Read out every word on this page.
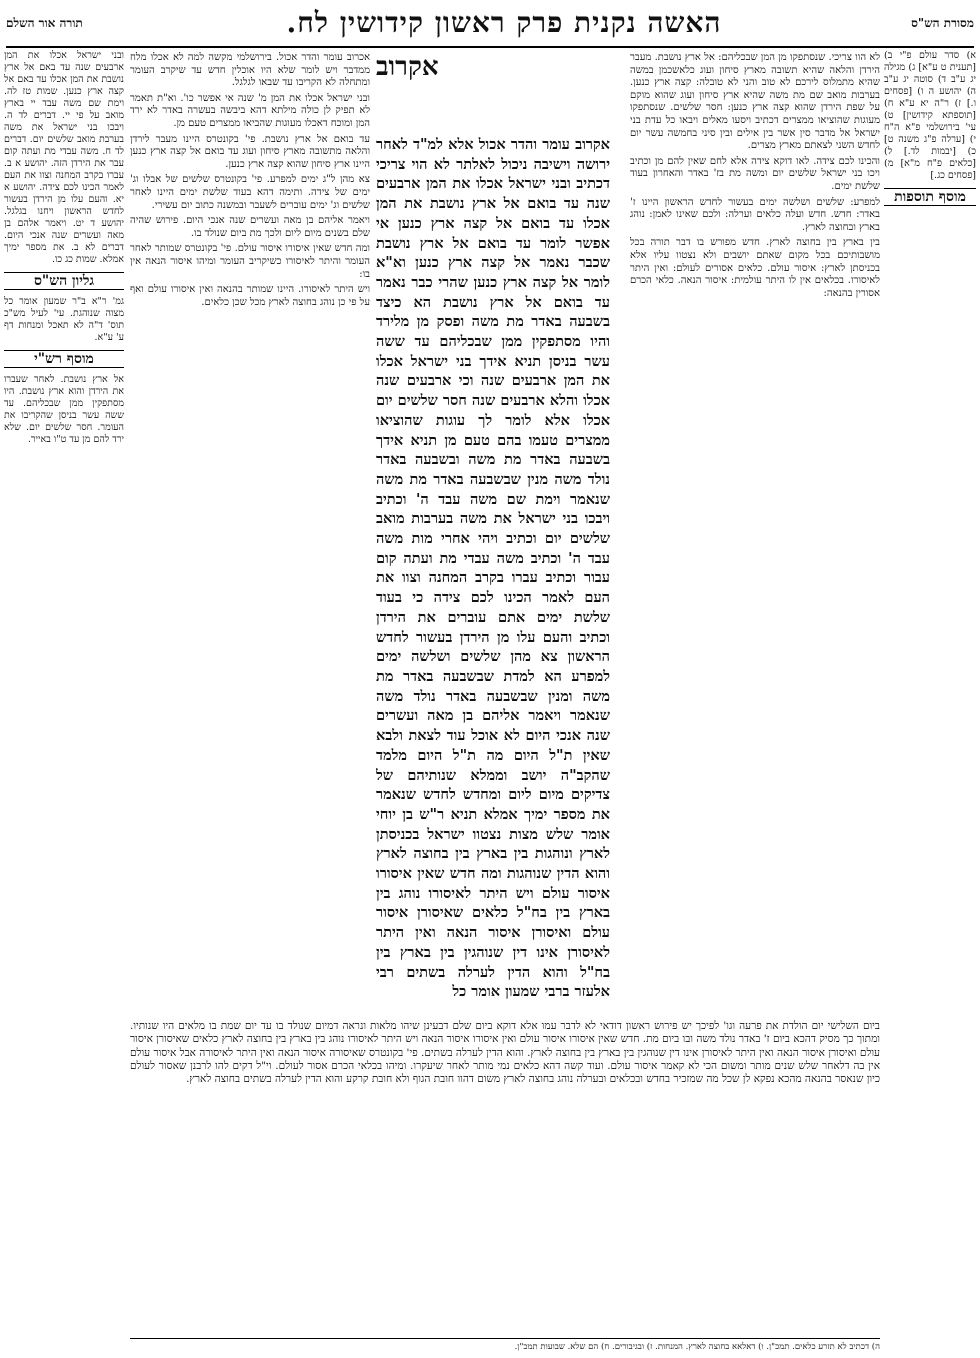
תורה אור השלם	האשה נקנית פרק ראשון קידושין לח.	מסורת הש"ס
א) סדר עולם פ"י ב) [תענית ט ע"א] ג) מגילה יג ע"ב ד) סוטה יג ע"ב ה) יהושע ה ו) [פסחים ו.] ז) ר"ה יא ע"א ח) [תוספתא קידושין] ט) עי' בירושלמי פ"א ה"ח י) [ערלה פ"ג משנה ט] כ) [יבמות לד.] ל) [כלאים פ"ח מ"א] מ) [פסחים כג.]
מוסף תוספות
ובני ישראל אכלו את המן ארבעים שנה עד באם אל ארץ נושבת את המן אכלו עד באם אל קצה ארץ כנען. שמות טז לה. וימת שם משה עבד יי בארץ מואב על פי יי. דברים לד ה. ויבכו בני ישראל את משה בערבת מואב שלשים יום. דברים לד ח. משה עבדי מת ועתה קום עבר את הירדן הזה. יהושע א ב. עברו בקרב המחנה וצוו את העם לאמר הכינו לכם צידה. יהושע א יא. והעם עלו מן הירדן בעשור לחדש הראשון ויחנו בגלגל. יהושע ד יט. ויאמר אלהם בן מאה ועשרים שנה אנכי היום. דברים לא ב. את מספר ימיך אמלא. שמות כג כו.
גליון הש"ס
גמ' ר"א ב"ר שמעון אומר כל מצוה שנוהגת. עי' לעיל מש"כ תוס' ד"ה לא תאכל ומנחות דף ע' ע"א.
מוסף רש"י
אל ארץ נושבת. לאחר שעברו את הירדן והוא ארץ נושבת. היו מסתפקין ממן שבכליהם. עד ששה עשר בניסן שהקריבו את העומר. חסר שלשים יום. שלא ירד להם מן עד ט"ו באייר.

לא הוו צריכי. שנסתפקו מן המן שבכליהם: אל ארץ נושבת. מעבר הירדן והלאה שהיא תשובה מארץ סיחון ועוג כלאשכמן במשה שהיא מתמלוס לירכם לא טוב והני לא טובלה: קצה ארץ כנען. בערבות מואב שם מת משה שהיא ארץ סיחון ועוג שהוא מוקם על שפת הירדן שהוא קצה ארץ כנען: חסר שלשים. שנסתפקו מעוגות שהוציאו ממצרים דכתיב ויסעו מאלים ויבאו כל עדת בני ישראל אל מדבר סין אשר בין אילים ובין סיני בחמשה עשר יום לחדש השני לצאתם מארץ מצרים.

והכינו לכם צידה. לאו דוקא צידה אלא לחם שאין להם מן וכתיב ויכו בני ישראל שלשים יום ומשה מת בז' באדר והאחרון בעוד שלשת ימים.

למפרע: שלשים ושלשה ימים בעשור לחדש הראשון היינו ז' באדר: חדש. חדש ועלה כלאים וערלה: ולכם שאינו לאמן: נוהג בארץ ובחוצה לארץ.

בין בארץ בין בחוצה לארץ. חדש מפורש בו דבר תורה בכל מושבותיכם בכל מקום שאתם יושבים ולא נצטוו עליו אלא בכניסתן לארץ: איסור עולם. כלאים אסורים לעולם: ואין היתר לאיסורו. בכלאים אין לו היתר עולמית: איסור הנאה. כלאי הכרם אסורין בהנאה:

אכרוב עומר והדר אכול. בירושלמי מקשה למה לא אכלו מלח ממדבר ויש לומר שלא היו אוכלין חדש עד שיקרב העומר ומתחלה לא הקריבו עד שבאו לגלגל.

ובני ישראל אכלו את המן מ' שנה אי אפשר כו'. וא"ת תאמר לא תפיק לן כולה מילתא דהא ביבשה בעשרה באדר לא ירד המן ומוכח דאכלו מעוגות שהביאו ממצרים טעם מן.

עד בואם אל ארץ נושבת. פי' בקונטרס היינו מעבר לירדן והלאה מתשובה מארץ סיחון ועוג עד בואם אל קצה ארץ כנען היינו ארץ סיחון שהוא קצה ארץ כנען.

צא מהן ל"ג ימים למפרע. פי' בקונטרס שלשים של אבלו וג' ימים של צידה. ותימה דהא בעוד שלשת ימים היינו לאחר שלשים וג' ימים עוברים לשעבר ובמשנה כתוב יום עשירי.

ויאמר אליהם בן מאה ועשרים שנה אנכי היום. פירוש שהיה שלם בשנים מיום ליום ולכך מת ביום שנולד בו.

ומה חדש שאין איסורו איסור עולם. פי' בקונטרס שמותר לאחר העומר והיתר לאיסורו כשיקריב העומר ומיהו איסור הנאה אין בו:

ויש היתר לאיסורו. היינו שמותר בהנאה ואין איסורו עולם ואף על פי כן נוהג בחוצה לארץ מכל שכן כלאים.

אקרוב
אקרוב עומר והדר אכול אלא למ"ד לאחר ירושה וישיבה ניכול לאלתר לא הוי צריכי דכתיב ובני ישראל אכלו את המן ארבעים שנה עד בואם אל ארץ נושבת את המן אכלו עד בואם אל קצה ארץ כנען אי אפשר לומר עד בואם אל ארץ נושבת שכבר נאמר אל קצה ארץ כנען וא"א לומר אל קצה ארץ כנען שהרי כבר נאמר עד בואם אל ארץ נושבת הא כיצד בשבעה באדר מת משה ופסק מן מלירד והיו מסתפקין ממן שבכליהם עד ששה עשר בניסן תניא אידך בני ישראל אכלו את המן ארבעים שנה וכי ארבעים שנה אכלו והלא ארבעים שנה חסר שלשים יום אכלו אלא לומר לך עוגות שהוציאו ממצרים טעמו בהם טעם מן תניא אידך בשבעה באדר מת משה ובשבעה באדר נולד משה מנין שבשבעה באדר מת משה שנאמר וימת שם משה עבד ה' וכתיב ויבכו בני ישראל את משה בערבות מואב שלשים יום וכתיב ויהי אחרי מות משה עבד ה' וכתיב משה עבדי מת ועתה קום עבור וכתיב עברו בקרב המחנה וצוו את העם לאמר הכינו לכם צידה כי בעוד שלשת ימים אתם עוברים את הירדן וכתיב והעם עלו מן הירדן בעשור לחדש הראשון צא מהן שלשים ושלשה ימים למפרע הא למדת שבשבעה באדר מת משה ומנין שבשבעה באדר נולד משה שנאמר ויאמר אליהם בן מאה ועשרים שנה אנכי היום לא אוכל עוד לצאת ולבא שאין ת"ל היום מה ת"ל היום מלמד שהקב"ה יושב וממלא שנותיהם של צדיקים מיום ליום ומחדש לחדש שנאמר את מספר ימיך אמלא תניא ר"ש בן יוחי אומר שלש מצות נצטוו ישראל בכניסתן לארץ ונוהגות בין בארץ בין בחוצה לארץ והוא הדין שנוהגות ומה חדש שאין איסורו איסור עולם ויש היתר לאיסורו נוהג בין בארץ בין בח"ל כלאים שאיסורן איסור עולם ואיסורן איסור הנאה ואין היתר לאיסורן אינו דין שנוהגין בין בארץ בין בח"ל והוא הדין לערלה בשתים רבי אלעזר ברבי שמעון אומר כל
ביום השלישי יום הולדת את פרעה וגו' לפיכך יש פירוש ראשון דודאי לא לדבר עמו אלא דוקא ביום שלם דבעינן שיהו מלאות ונראה דמיום שנולד בו עד יום שמת בו מלאים היו שנותיו. ומתוך כך מסיק דהכא ביום ז' באדר נולד משה ובו ביום מת. חדש שאין איסורו איסור עולם ואין איסורו איסור הנאה ויש היתר לאיסורו נוהג בין בארץ בין בחוצה לארץ כלאים שאיסורן איסור עולם ואיסורן איסור הנאה ואין היתר לאיסורן אינו דין שנוהגין בין בארץ בין בחוצה לארץ. והוא הדין לערלה בשתים. פי' בקונטרס שאיסורה איסור הנאה ואין היתר לאיסורה אבל איסור עולם אין בה דלאחר שלש שנים מותר ומשום הכי לא קאמר איסור עולם. ועוד קשה דהא כלאים נמי מותר לאחר שיעקרו. ומיהו בכלאי הכרם אסור לעולם. וי"ל דקים להו לרבנן שאסור לעולם כיון שנאסר בהנאה מהכא נפקא לן שכל מה שמזכיר בחדש ובכלאים ובערלה נוהג בחוצה לארץ משום דהוו חובת הגוף ולא חובת קרקע והוא הדין לערלה בשתים בחוצה לארץ.
ה) דכתיב לא תזרע כלאים. תמכ"ן. ו) דאלאא בחוצה לארץ. המנחות. ז) ובגיבורים. ח) הם שלא. שבועות תמכ"ן.
